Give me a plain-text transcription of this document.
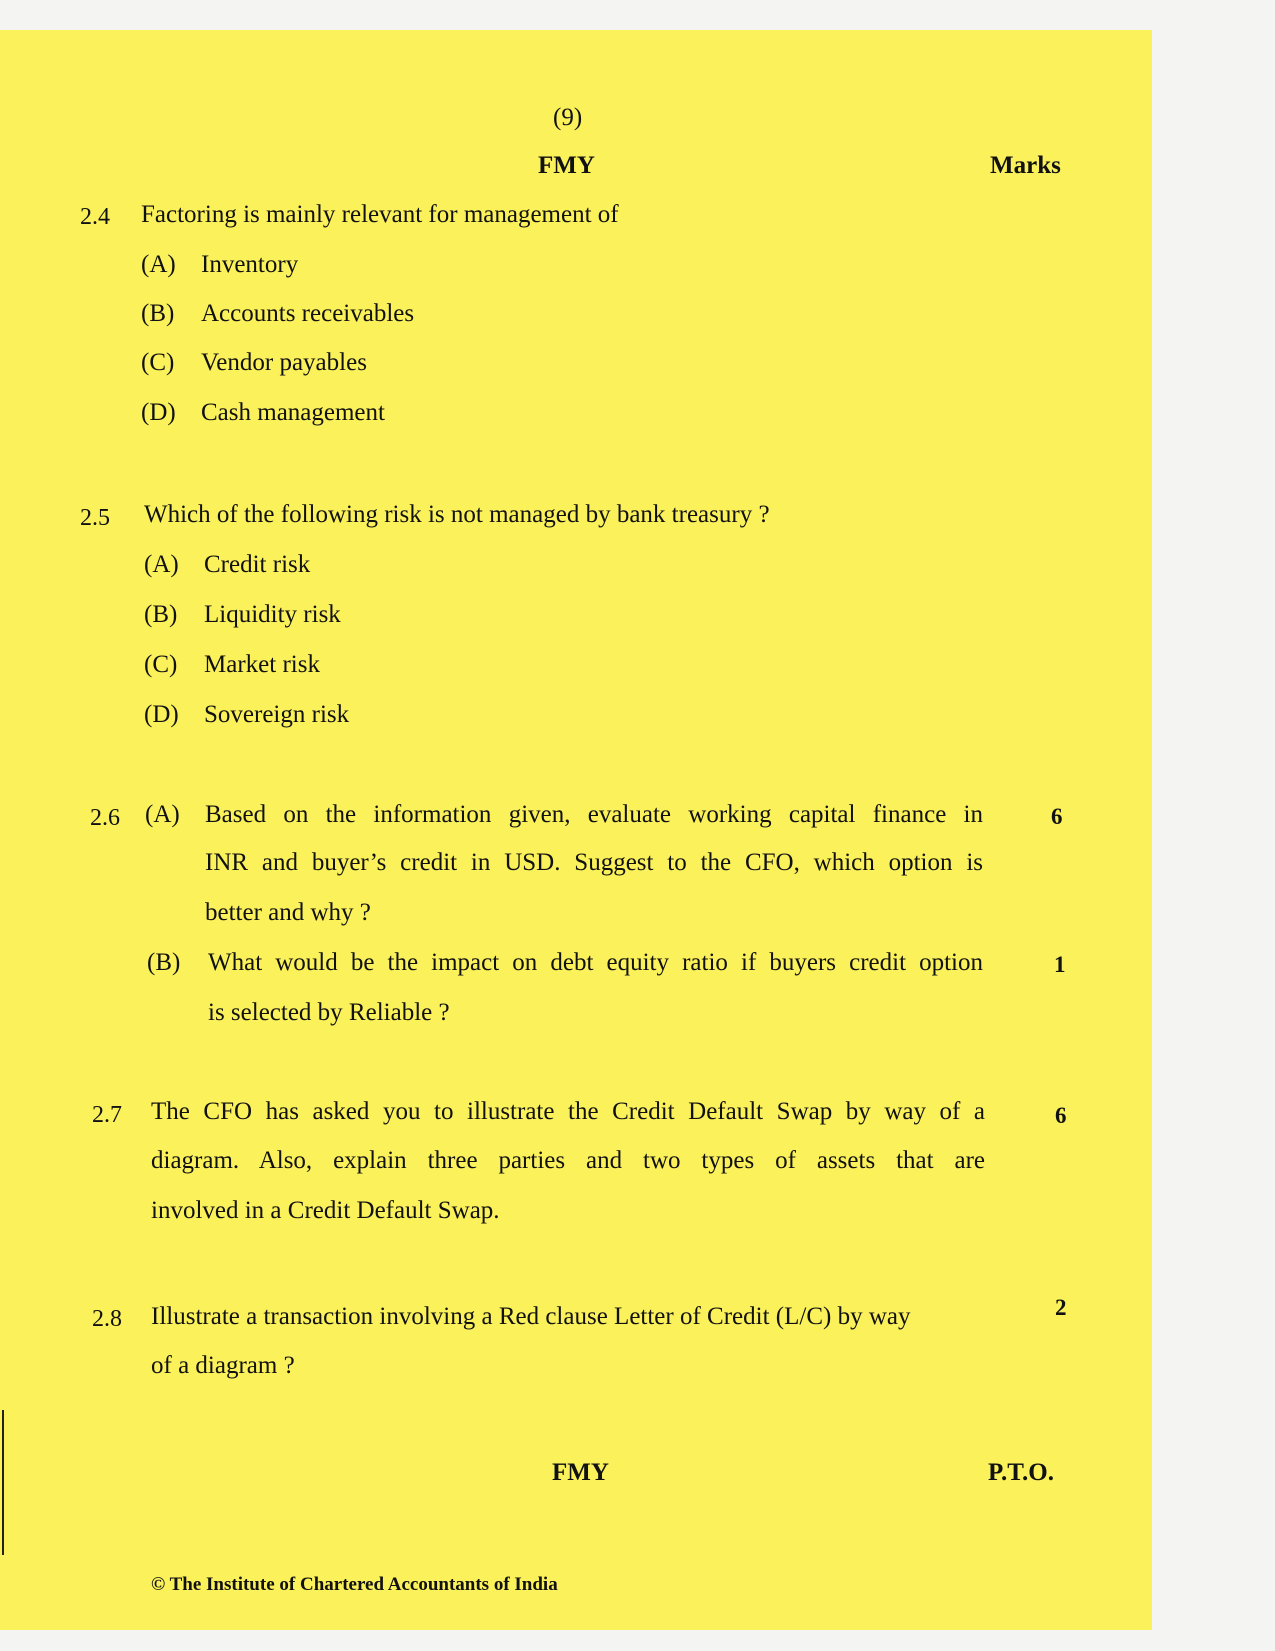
(9)
FMY	Marks
2.4 Factoring is mainly relevant for management of
(A) Inventory
(B) Accounts receivables
(C) Vendor payables
(D) Cash management
2.5 Which of the following risk is not managed by bank treasury ?
(A) Credit risk
(B) Liquidity risk
(C) Market risk
(D) Sovereign risk
2.6 (A) Based on the information given, evaluate working capital finance in
INR and buyer’s credit in USD. Suggest to the CFO, which option is
better and why ?
6
(B) What would be the impact on debt equity ratio if buyers credit option
is selected by Reliable ?
1
2.7 The CFO has asked you to illustrate the Credit Default Swap by way of a
diagram. Also, explain three parties and two types of assets that are
involved in a Credit Default Swap.
6
2.8 Illustrate a transaction involving a Red clause Letter of Credit (L/C) by way
of a diagram ?
2
FMY	P.T.O.
© The Institute of Chartered Accountants of India
